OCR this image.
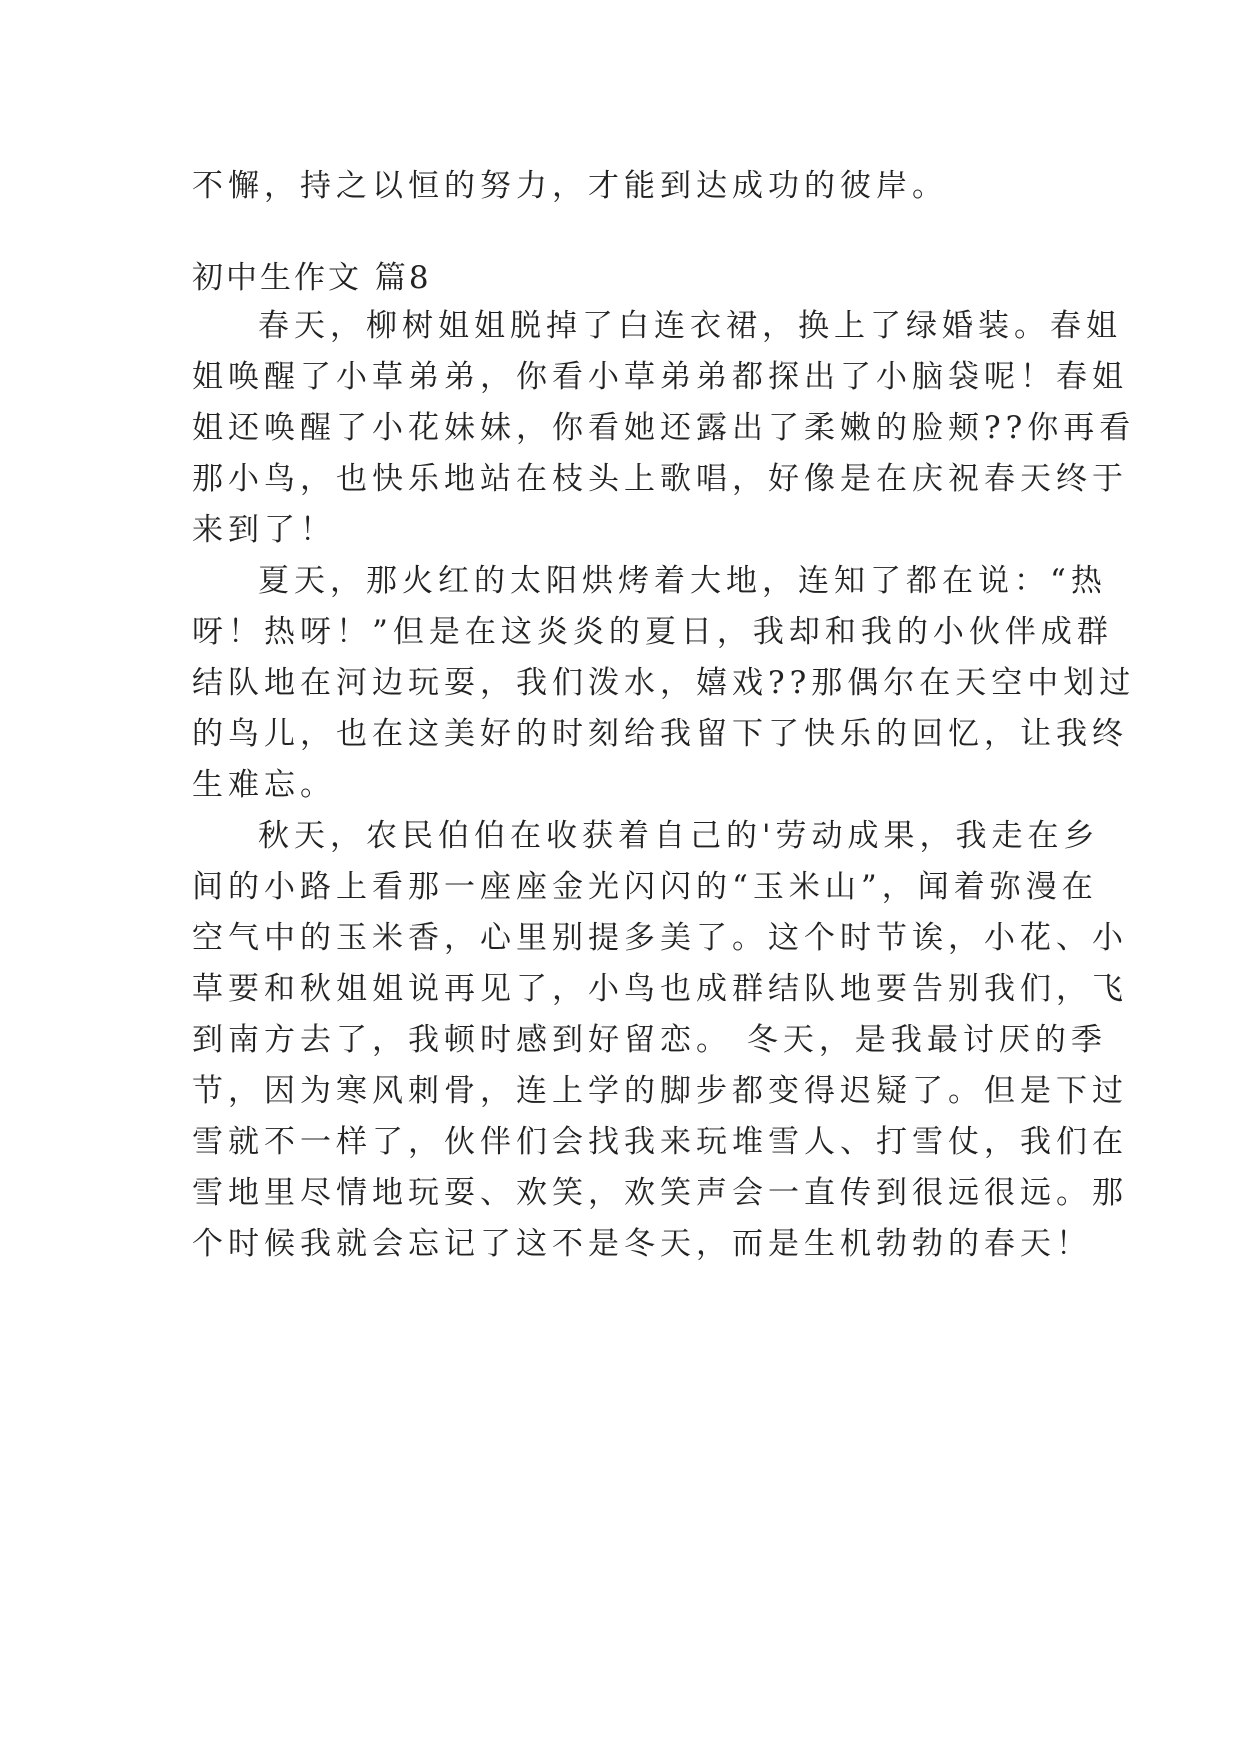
不懈，持之以恒的努力，才能到达成功的彼岸。
初中生作文 篇8
春天，柳树姐姐脱掉了白连衣裙，换上了绿婚装。春姐
姐唤醒了小草弟弟，你看小草弟弟都探出了小脑袋呢！春姐
姐还唤醒了小花妹妹，你看她还露出了柔嫩的脸颊??你再看
那小鸟，也快乐地站在枝头上歌唱，好像是在庆祝春天终于
来到了！
夏天，那火红的太阳烘烤着大地，连知了都在说：“热
呀！热呀！”但是在这炎炎的夏日，我却和我的小伙伴成群
结队地在河边玩耍，我们泼水，嬉戏??那偶尔在天空中划过
的鸟儿，也在这美好的时刻给我留下了快乐的回忆，让我终
生难忘。
秋天，农民伯伯在收获着自己的'劳动成果，我走在乡
间的小路上看那一座座金光闪闪的“玉米山”，闻着弥漫在
空气中的玉米香，心里别提多美了。这个时节诶，小花、小
草要和秋姐姐说再见了，小鸟也成群结队地要告别我们，飞
到南方去了，我顿时感到好留恋。 冬天，是我最讨厌的季
节，因为寒风刺骨，连上学的脚步都变得迟疑了。但是下过
雪就不一样了，伙伴们会找我来玩堆雪人、打雪仗，我们在
雪地里尽情地玩耍、欢笑，欢笑声会一直传到很远很远。那
个时候我就会忘记了这不是冬天，而是生机勃勃的春天！
